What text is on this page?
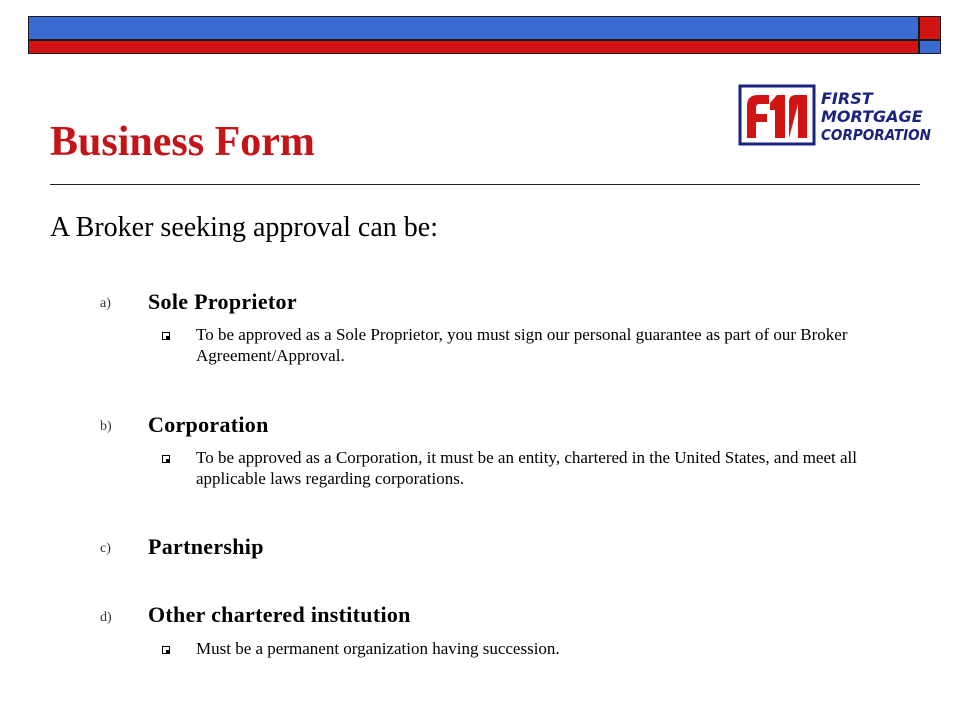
FIRST
MORTGAGE
CORPORATION
Business Form

A Broker seeking approval can be:

a) Sole Proprietor

To be approved as a Sole Proprietor, you must sign our personal guarantee as part of our Broker Agreement/Approval.

b) Corporation

To be approved as a Corporation, it must be an entity, chartered in the United States, and meet all applicable laws regarding corporations.

c) Partnership
d) Other chartered institution

Must be a permanent organization having succession.
